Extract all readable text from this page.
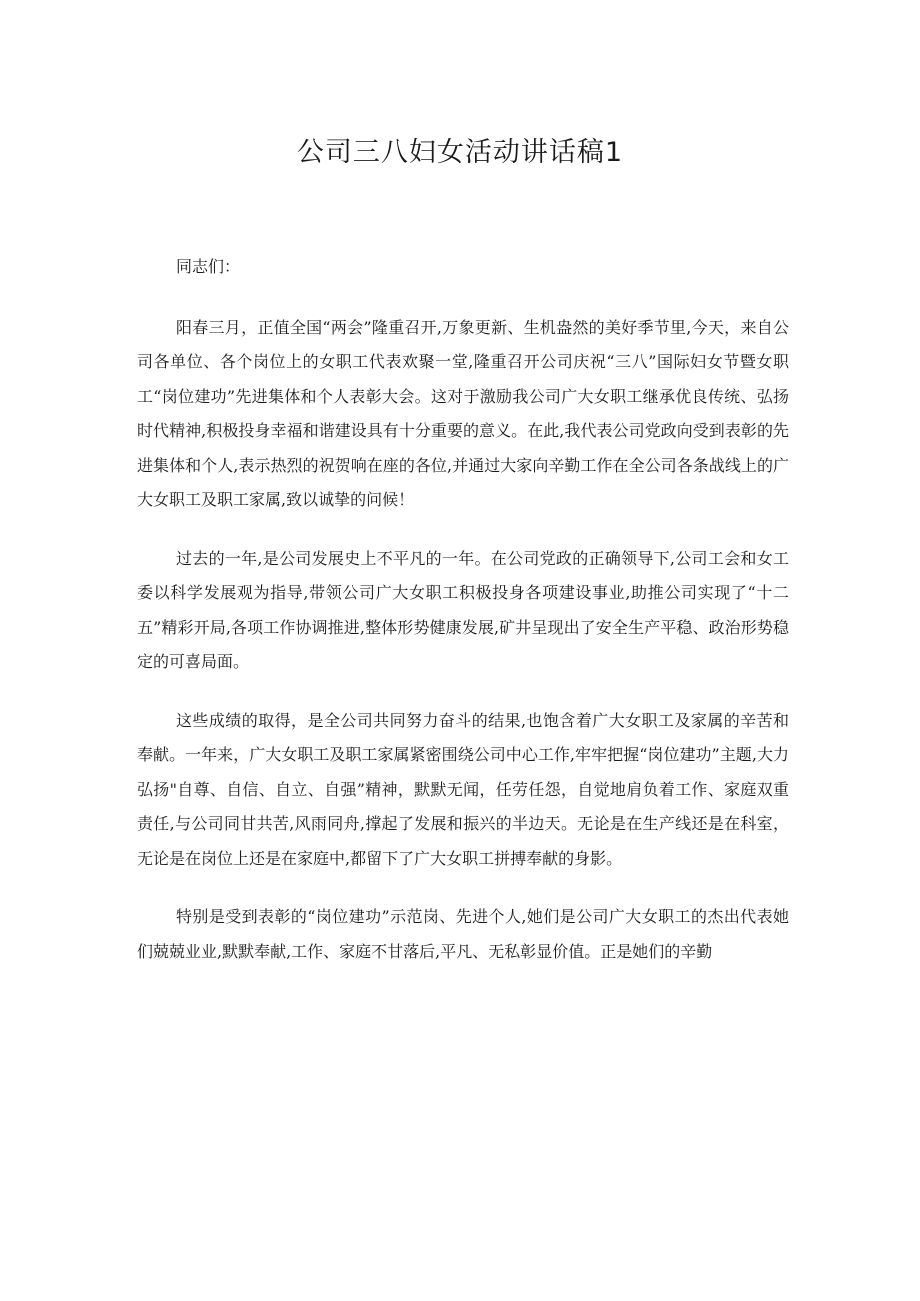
公司三八妇女活动讲话稿1

同志们：

阳春三月，正值全国“两会”隆重召开,万象更新、生机盎然的美好季节里,今天，来自公司各单位、各个岗位上的女职工代表欢聚一堂,隆重召开公司庆祝“三八”国际妇女节暨女职工“岗位建功”先进集体和个人表彰大会。这对于激励我公司广大女职工继承优良传统、弘扬时代精神,积极投身幸福和谐建设具有十分重要的意义。在此,我代表公司党政向受到表彰的先进集体和个人,表示热烈的祝贺响在座的各位,并通过大家向辛勤工作在全公司各条战线上的广大女职工及职工家属,致以诚挚的问候！

过去的一年,是公司发展史上不平凡的一年。在公司党政的正确领导下,公司工会和女工委以科学发展观为指导,带领公司广大女职工积极投身各项建设事业,助推公司实现了“十二五”精彩开局,各项工作协调推进,整体形势健康发展,矿井呈现出了安全生产平稳、政治形势稳定的可喜局面。

这些成绩的取得，是全公司共同努力奋斗的结果,也饱含着广大女职工及家属的辛苦和奉献。一年来，广大女职工及职工家属紧密围绕公司中心工作,牢牢把握“岗位建功”主题,大力弘扬"自尊、自信、自立、自强”精神，默默无闻，任劳任怨，自觉地肩负着工作、家庭双重责任,与公司同甘共苦,风雨同舟,撑起了发展和振兴的半边天。无论是在生产线还是在科室，无论是在岗位上还是在家庭中,都留下了广大女职工拼搏奉献的身影。

特别是受到表彰的“岗位建功”示范岗、先进个人,她们是公司广大女职工的杰出代表她们兢兢业业,默默奉献,工作、家庭不甘落后,平凡、无私彰显价值。正是她们的辛勤
